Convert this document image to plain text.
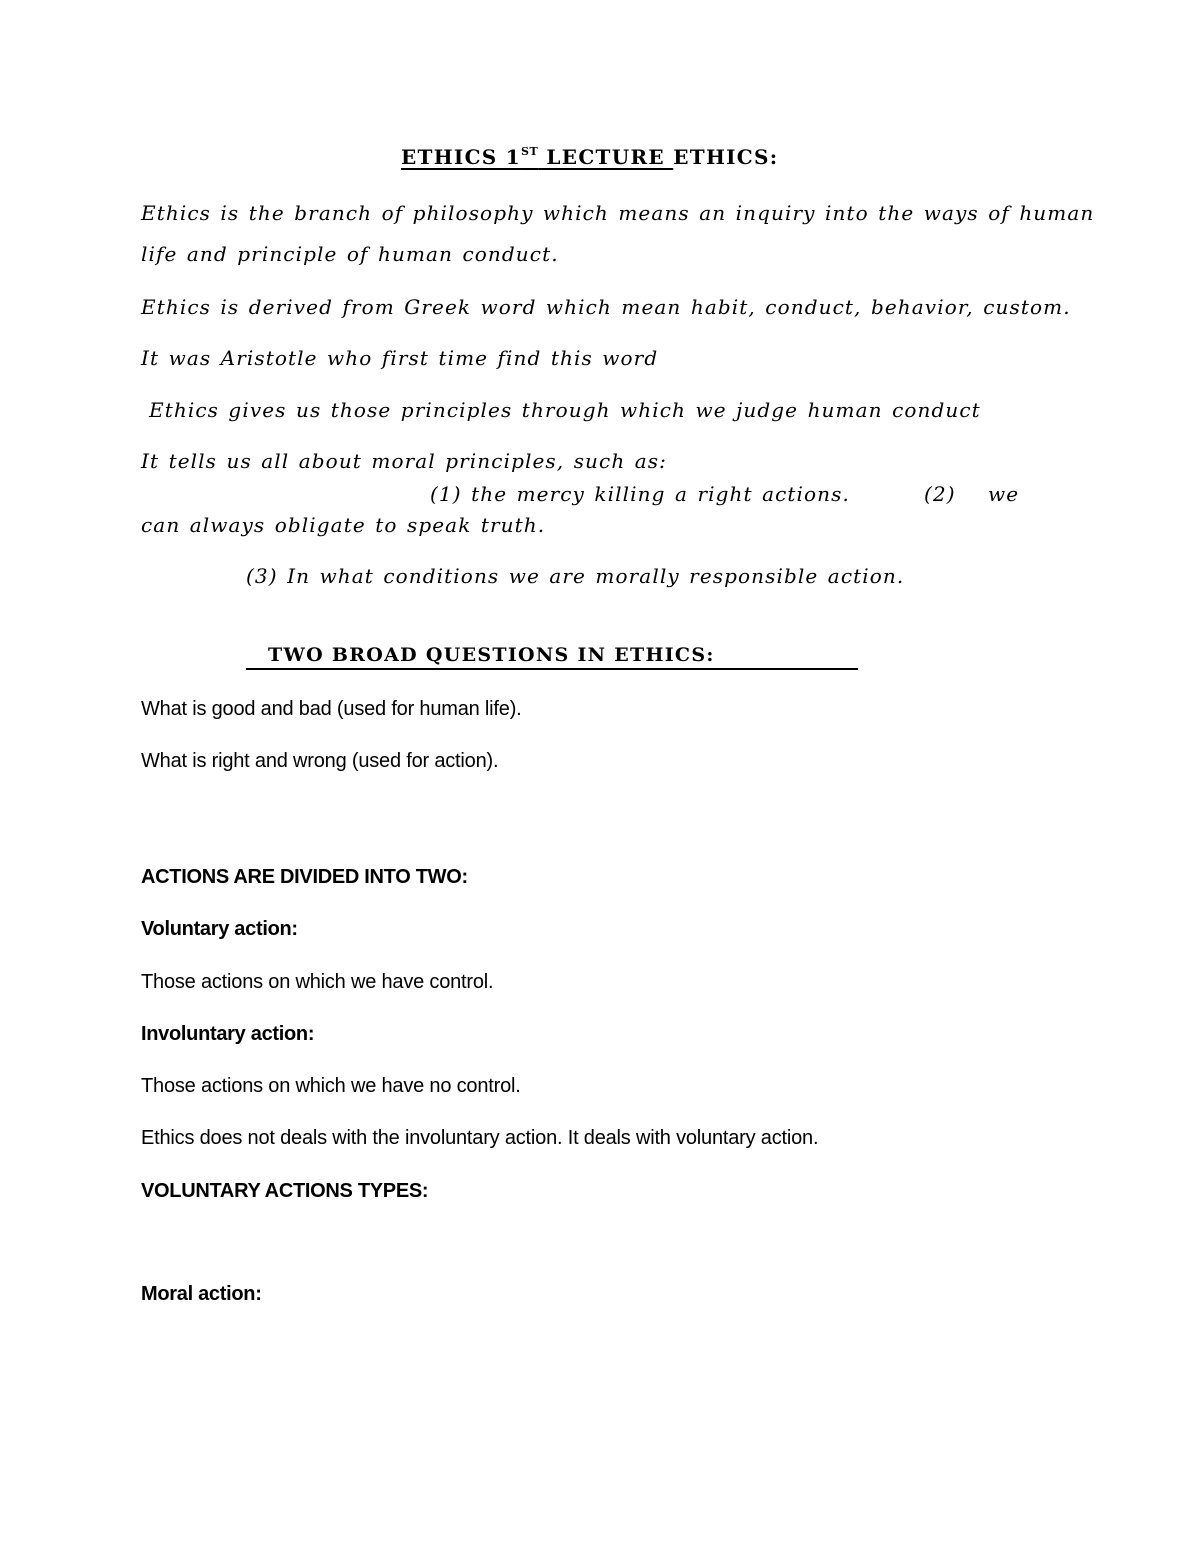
ETHICS 1ST LECTURE ETHICS:
Ethics is the branch of philosophy which means an inquiry into the ways of human
life and principle of human conduct.
Ethics is derived from Greek word which mean habit, conduct, behavior, custom.
It was Aristotle who first time find this word
Ethics gives us those principles through which we judge human conduct
It tells us all about moral principles, such as:
(1) the mercy killing a right actions.	(2) we
can always obligate to speak truth.
(3) In what conditions we are morally responsible action.
TWO BROAD QUESTIONS IN ETHICS:
What is good and bad (used for human life).
What is right and wrong (used for action).
ACTIONS ARE DIVIDED INTO TWO:
Voluntary action:
Those actions on which we have control.
Involuntary action:
Those actions on which we have no control.
Ethics does not deals with the involuntary action. It deals with voluntary action.
VOLUNTARY ACTIONS TYPES:
Moral action:
